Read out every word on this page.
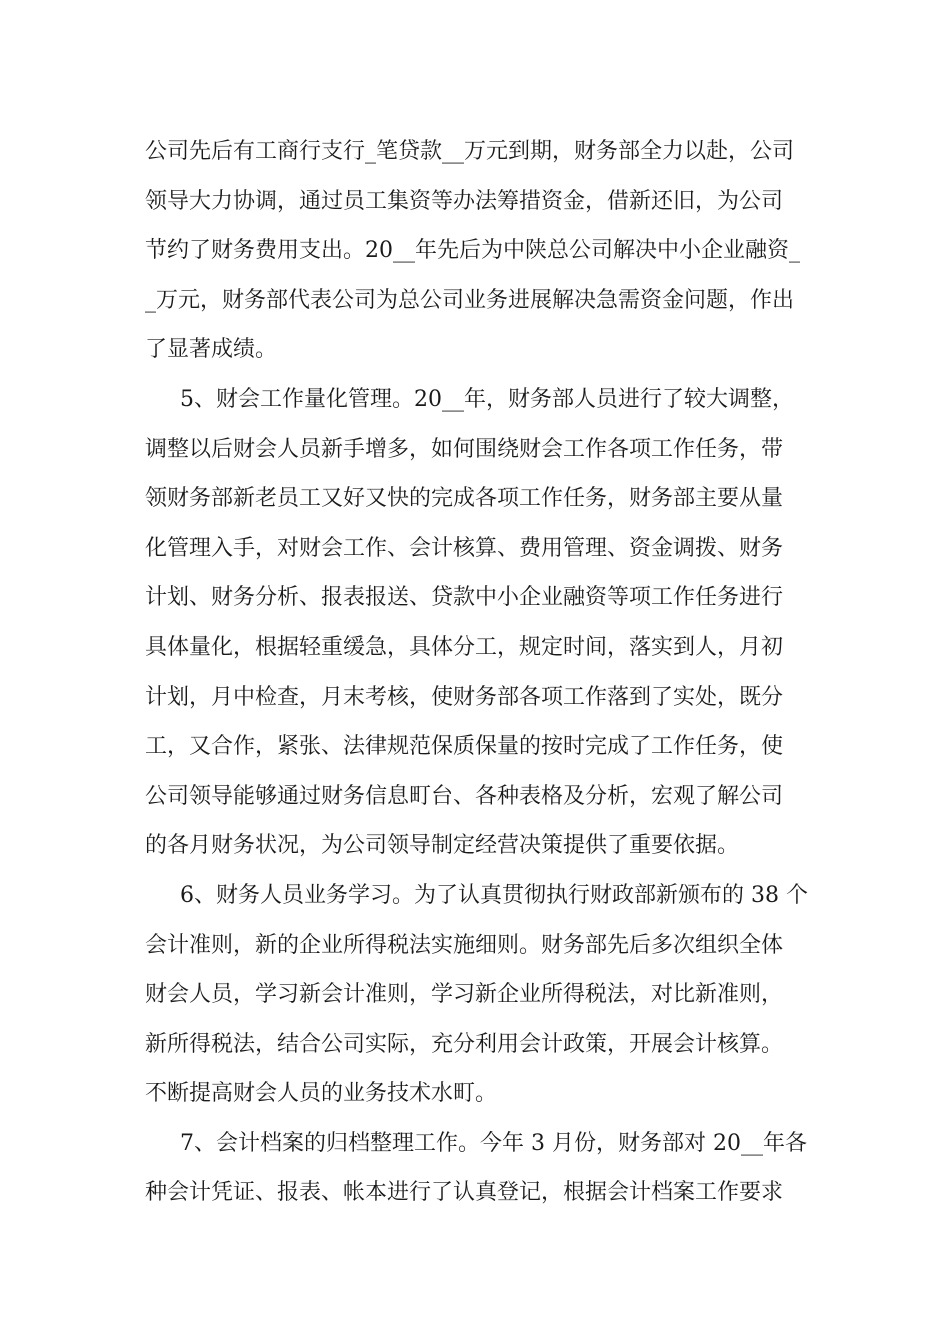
公司先后有工商行支行_笔贷款__万元到期，财务部全力以赴，公司
领导大力协调，通过员工集资等办法筹措资金，借新还旧，为公司
节约了财务费用支出。20__年先后为中陕总公司解决中小企业融资_
_万元，财务部代表公司为总公司业务进展解决急需资金问题，作出
了显著成绩。
5、财会工作量化管理。20__年，财务部人员进行了较大调整，
调整以后财会人员新手增多，如何围绕财会工作各项工作任务，带
领财务部新老员工又好又快的完成各项工作任务，财务部主要从量
化管理入手，对财会工作、会计核算、费用管理、资金调拨、财务
计划、财务分析、报表报送、贷款中小企业融资等项工作任务进行
具体量化，根据轻重缓急，具体分工，规定时间，落实到人，月初
计划，月中检查，月末考核，使财务部各项工作落到了实处，既分
工，又合作，紧张、法律规范保质保量的按时完成了工作任务，使
公司领导能够通过财务信息町台、各种表格及分析，宏观了解公司
的各月财务状况，为公司领导制定经营决策提供了重要依据。
6、财务人员业务学习。为了认真贯彻执行财政部新颁布的 38 个
会计准则，新的企业所得税法实施细则。财务部先后多次组织全体
财会人员，学习新会计准则，学习新企业所得税法，对比新准则，
新所得税法，结合公司实际，充分利用会计政策，开展会计核算。
不断提高财会人员的业务技术水町。
7、会计档案的归档整理工作。今年 3 月份，财务部对 20__年各
种会计凭证、报表、帐本进行了认真登记，根据会计档案工作要求
